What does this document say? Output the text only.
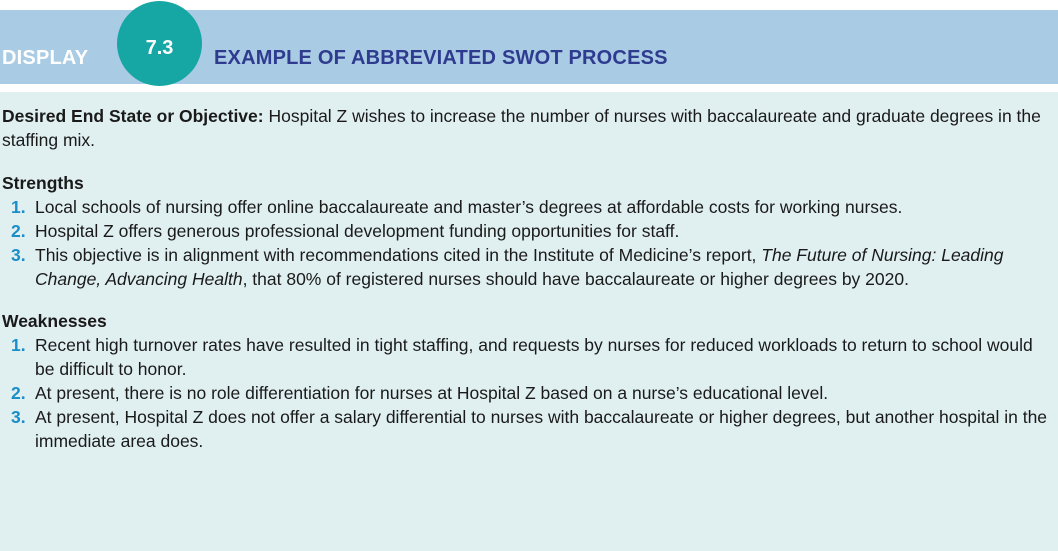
DISPLAY	EXAMPLE OF ABBREVIATED SWOT PROCESS
7.3

Desired End State or Objective: Hospital Z wishes to increase the number of nurses with baccalaureate and graduate degrees in the staffing mix.

Strengths

1. Local schools of nursing offer online baccalaureate and master’s degrees at affordable costs for working nurses.
2. Hospital Z offers generous professional development funding opportunities for staff.
3. This objective is in alignment with recommendations cited in the Institute of Medicine’s report, The Future of Nursing: Leading Change, Advancing Health, that 80% of registered nurses should have baccalaureate or higher degrees by 2020.

Weaknesses

1. Recent high turnover rates have resulted in tight staffing, and requests by nurses for reduced workloads to return to school would be difficult to honor.
2. At present, there is no role differentiation for nurses at Hospital Z based on a nurse’s educational level.
3. At present, Hospital Z does not offer a salary differential to nurses with baccalaureate or higher degrees, but another hospital in the immediate area does.
